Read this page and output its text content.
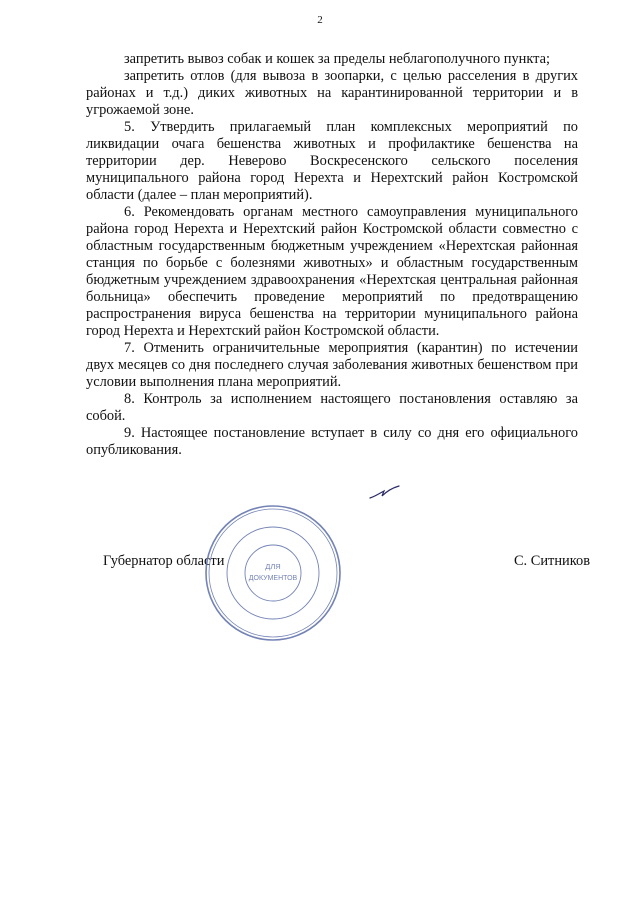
2

запретить вывоз собак и кошек за пределы неблагополучного пункта;

запретить отлов (для вывоза в зоопарки, с целью расселения в других районах и т.д.) диких животных на карантинированной территории и в угрожаемой зоне.

5. Утвердить прилагаемый план комплексных мероприятий по ликвидации очага бешенства животных и профилактике бешенства на территории дер. Неверово Воскресенского сельского поселения муниципального района город Нерехта и Нерехтский район Костромской области (далее – план мероприятий).

6. Рекомендовать органам местного самоуправления муниципального района город Нерехта и Нерехтский район Костромской области совместно с областным государственным бюджетным учреждением «Нерехтская районная станция по борьбе с болезнями животных» и областным государственным бюджетным учреждением здравоохранения «Нерехтская центральная районная больница» обеспечить проведение мероприятий по предотвращению распространения вируса бешенства на территории муниципального района город Нерехта и Нерехтский район Костромской области.

7. Отменить ограничительные мероприятия (карантин) по истечении двух месяцев со дня последнего случая заболевания животных бешенством при условии выполнения плана мероприятий.

8. Контроль за исполнением настоящего постановления оставляю за собой.

9. Настоящее постановление вступает в силу со дня его официального опубликования.

Губернатор области	С. Ситников
ДЛЯ
ДОКУМЕНТОВ
